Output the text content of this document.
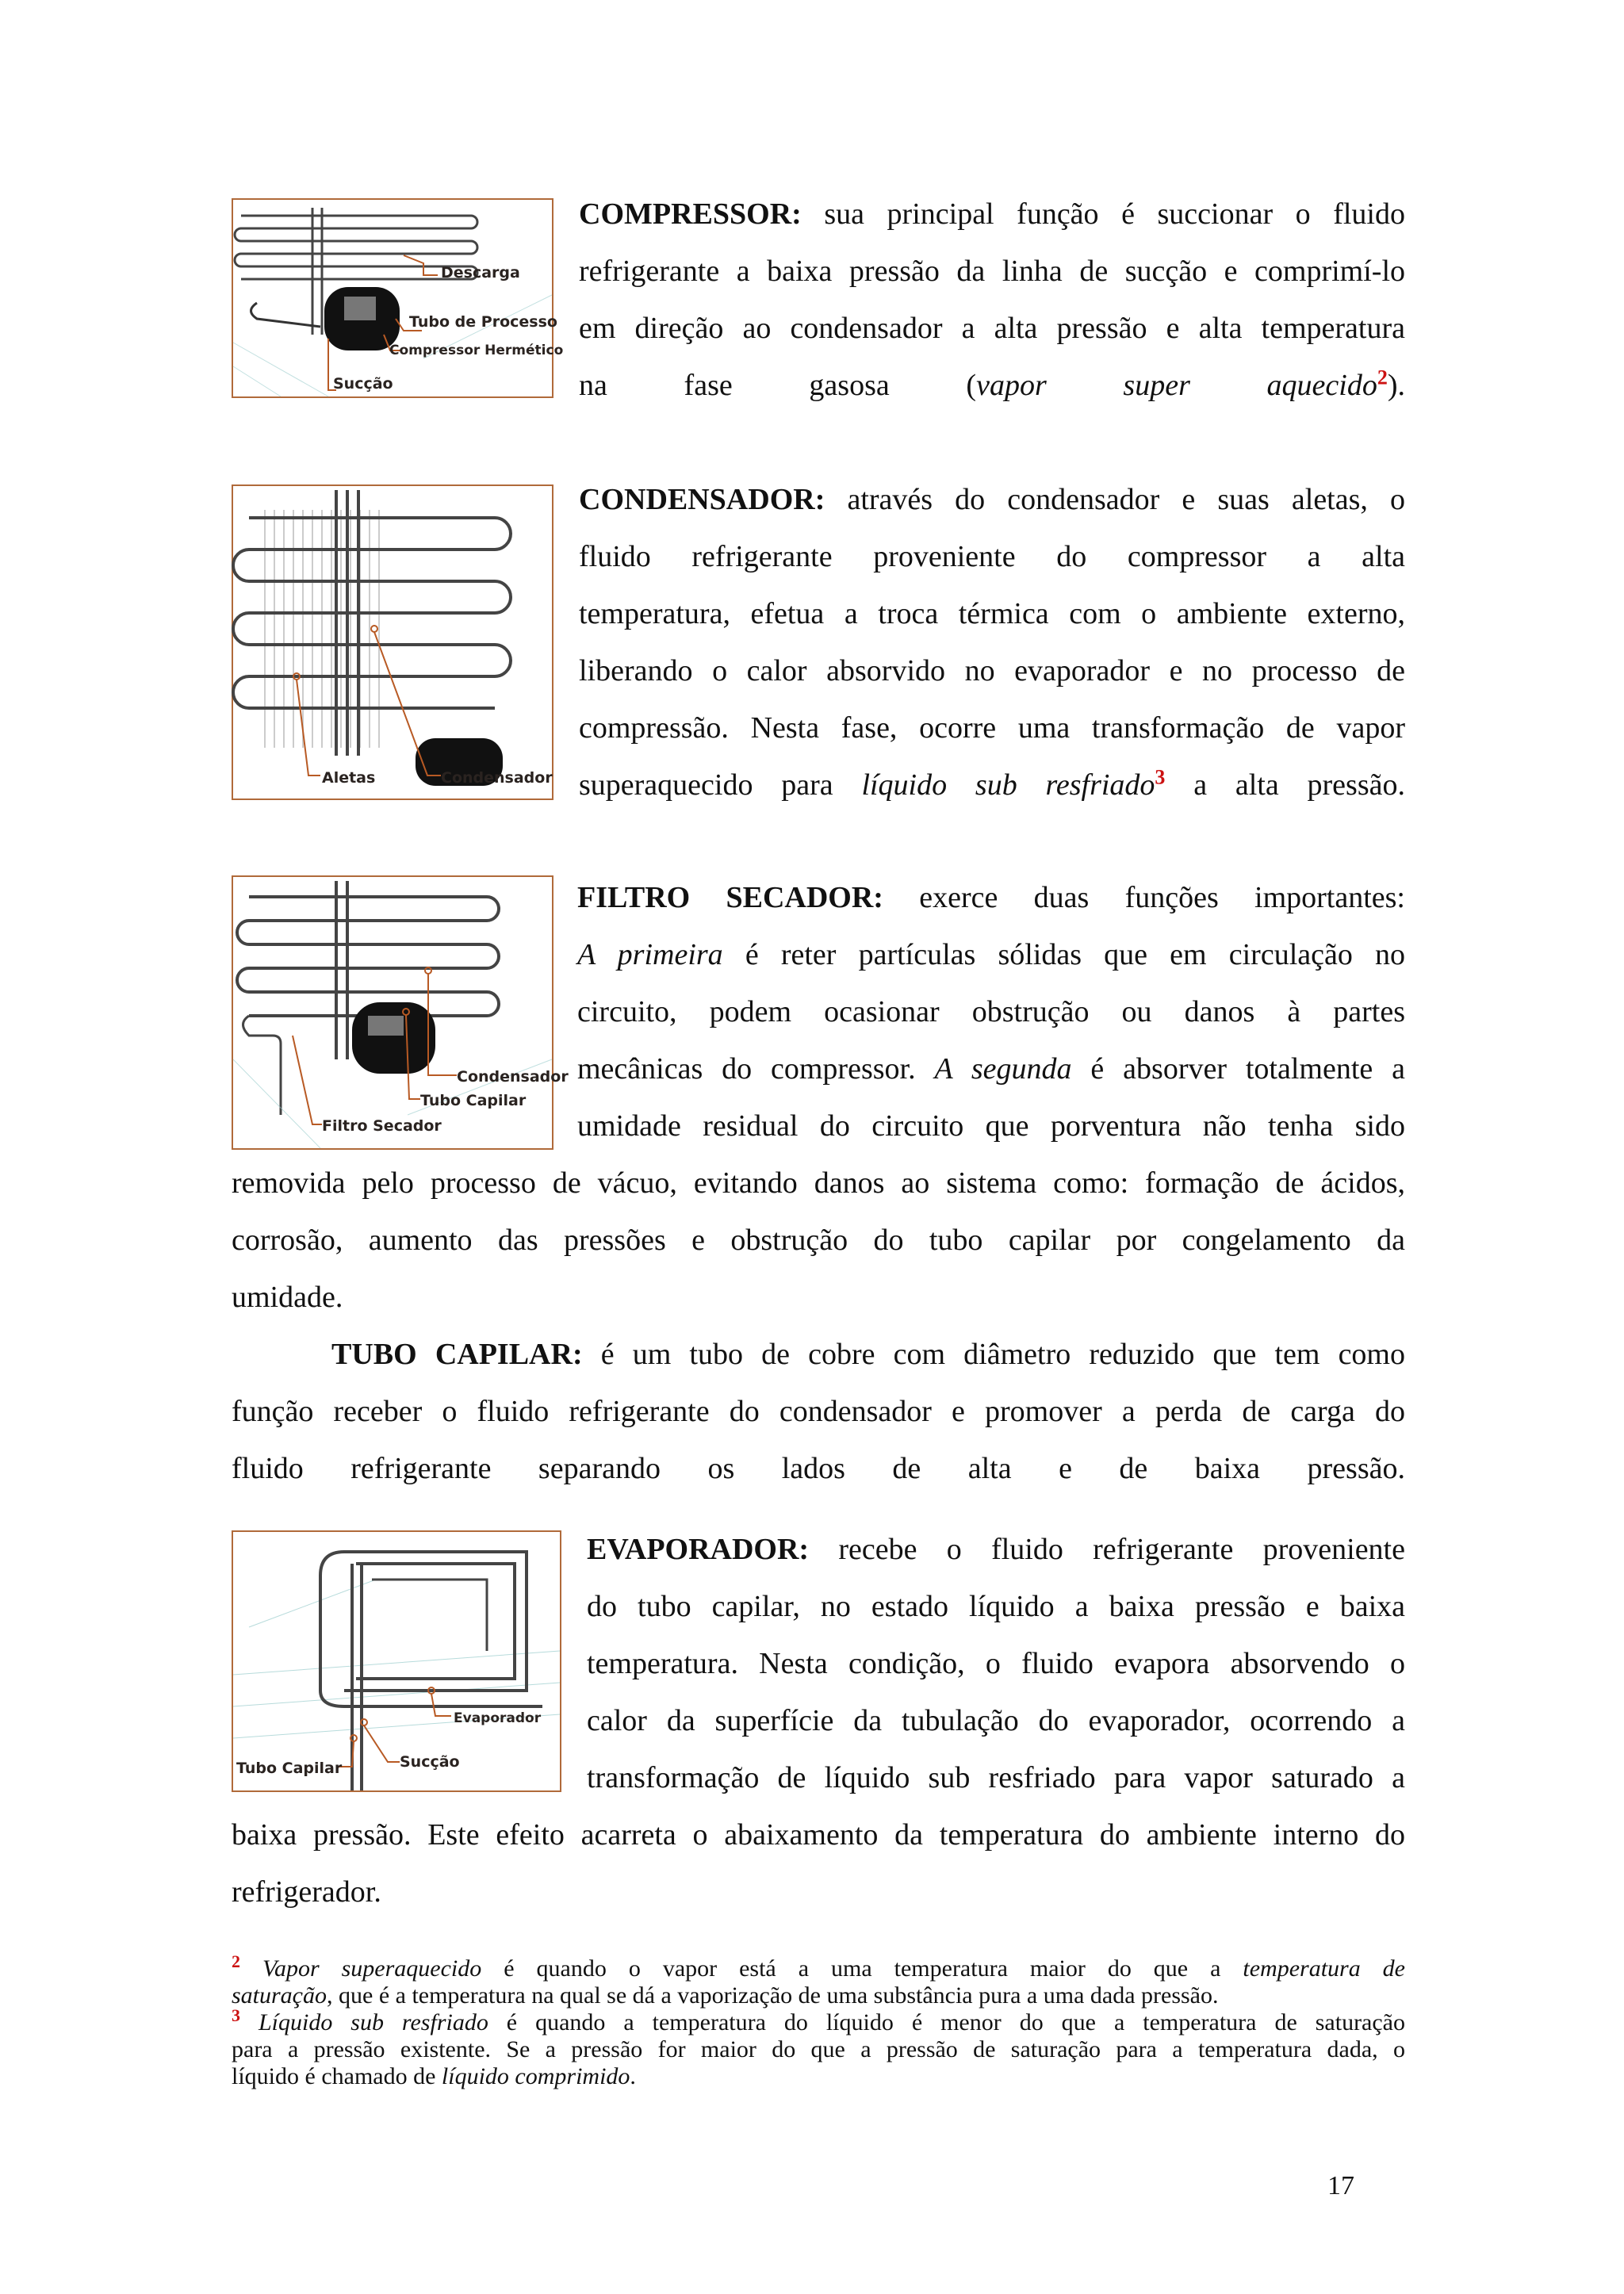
Descarga
Tubo de Processo
Compressor Hermético
Sucção
COMPRESSOR: sua principal função é succionar o fluido
refrigerante a baixa pressão da linha de sucção e comprimí-lo
em direção ao condensador a alta pressão e alta temperatura
na fase gasosa (vapor super aquecido$^2$).
Aletas	Condensador
CONDENSADOR: através do condensador e suas aletas, o
fluido refrigerante proveniente do compressor a alta
temperatura, efetua a troca térmica com o ambiente externo,
liberando o calor absorvido no evaporador e no processo de
compressão. Nesta fase, ocorre uma transformação de vapor
superaquecido para líquido sub resfriado$^3$ a alta pressão.
Condensador
Tubo Capilar
Filtro Secador
FILTRO SECADOR: exerce duas funções importantes:
A primeira é reter partículas sólidas que em circulação no
circuito, podem ocasionar obstrução ou danos à partes
mecânicas do compressor. A segunda é absorver totalmente a
umidade residual do circuito que porventura não tenha sido
removida pelo processo de vácuo, evitando danos ao sistema como: formação de ácidos,
corrosão, aumento das pressões e obstrução do tubo capilar por congelamento da
umidade.
TUBO CAPILAR: é um tubo de cobre com diâmetro reduzido que tem como
função receber o fluido refrigerante do condensador e promover a perda de carga do
fluido refrigerante separando os lados de alta e de baixa pressão.
Evaporador
Tubo Capilar	Sucção
EVAPORADOR: recebe o fluido refrigerante proveniente
do tubo capilar, no estado líquido a baixa pressão e baixa
temperatura. Nesta condição, o fluido evapora absorvendo o
calor da superfície da tubulação do evaporador, ocorrendo a
transformação de líquido sub resfriado para vapor saturado a
baixa pressão. Este efeito acarreta o abaixamento da temperatura do ambiente interno do
refrigerador.
$^2$ Vapor superaquecido é quando o vapor está a uma temperatura maior do que a temperatura de
saturação, que é a temperatura na qual se dá a vaporização de uma substância pura a uma dada pressão.
$^3$ Líquido sub resfriado é quando a temperatura do líquido é menor do que a temperatura de saturação
para a pressão existente. Se a pressão for maior do que a pressão de saturação para a temperatura dada, o
líquido é chamado de líquido comprimido.
17
